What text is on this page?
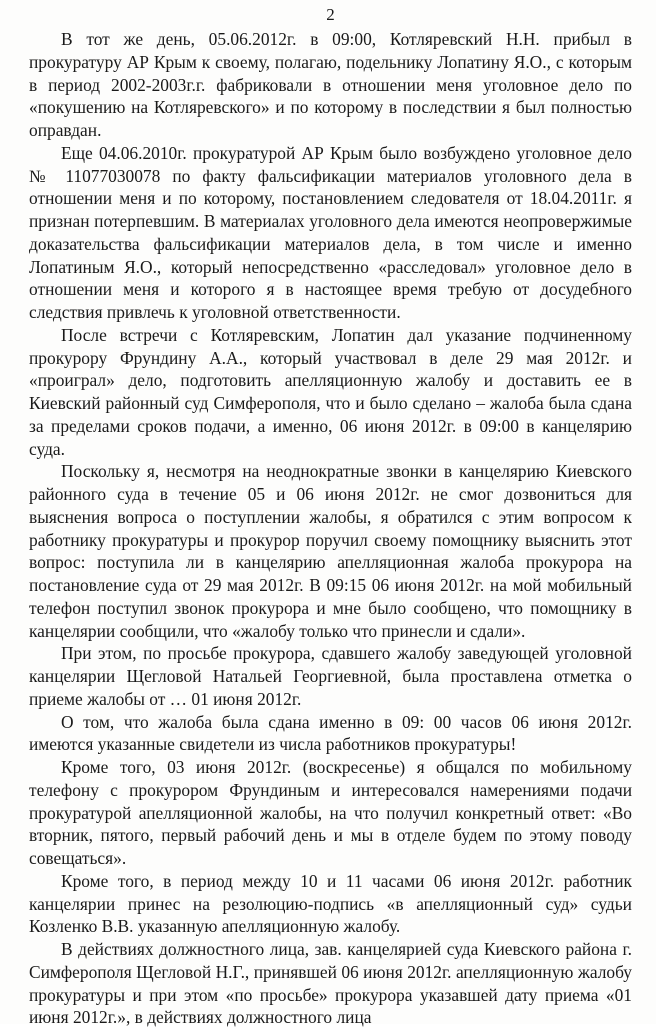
2

В тот же день, 05.06.2012г. в 09:00, Котляревский Н.Н. прибыл в прокуратуру АР Крым к своему, полагаю, подельнику Лопатину Я.О., с которым в период 2002-2003г.г. фабриковали в отношении меня уголовное дело по «покушению на Котляревского» и по которому в последствии я был полностью оправдан.

Еще 04.06.2010г. прокуратурой АР Крым было возбуждено уголовное дело № 11077030078 по факту фальсификации материалов уголовного дела в отношении меня и по которому, постановлением следователя от 18.04.2011г. я признан потерпевшим. В материалах уголовного дела имеются неопровержимые доказательства фальсификации материалов дела, в том числе и именно Лопатиным Я.О., который непосредственно «расследовал» уголовное дело в отношении меня и которого я в настоящее время требую от досудебного следствия привлечь к уголовной ответственности.

После встречи с Котляревским, Лопатин дал указание подчиненному прокурору Фрундину А.А., который участвовал в деле 29 мая 2012г. и «проиграл» дело, подготовить апелляционную жалобу и доставить ее в Киевский районный суд Симферополя, что и было сделано – жалоба была сдана за пределами сроков подачи, а именно, 06 июня 2012г. в 09:00 в канцелярию суда.

Поскольку я, несмотря на неоднократные звонки в канцелярию Киевского районного суда в течение 05 и 06 июня 2012г. не смог дозвониться для выяснения вопроса о поступлении жалобы, я обратился с этим вопросом к работнику прокуратуры и прокурор поручил своему помощнику выяснить этот вопрос: поступила ли в канцелярию апелляционная жалоба прокурора на постановление суда от 29 мая 2012г. В 09:15 06 июня 2012г. на мой мобильный телефон поступил звонок прокурора и мне было сообщено, что помощнику в канцелярии сообщили, что «жалобу только что принесли и сдали».

При этом, по просьбе прокурора, сдавшего жалобу заведующей уголовной канцелярии Щегловой Натальей Георгиевной, была проставлена отметка о приеме жалобы от … 01 июня 2012г.

О том, что жалоба была сдана именно в 09: 00 часов 06 июня 2012г. имеются указанные свидетели из числа работников прокуратуры!

Кроме того, 03 июня 2012г. (воскресенье) я общался по мобильному телефону с прокурором Фрундиным и интересовался намерениями подачи прокуратурой апелляционной жалобы, на что получил конкретный ответ: «Во вторник, пятого, первый рабочий день и мы в отделе будем по этому поводу совещаться».

Кроме того, в период между 10 и 11 часами 06 июня 2012г. работник канцелярии принес на резолюцию-подпись «в апелляционный суд» судьи Козленко В.В. указанную апелляционную жалобу.

В действиях должностного лица, зав. канцелярией суда Киевского района г. Симферополя Щегловой Н.Г., принявшей 06 июня 2012г. апелляционную жалобу прокуратуры и при этом «по просьбе» прокурора указавшей дату приема «01 июня 2012г.», в действиях должностного лица
